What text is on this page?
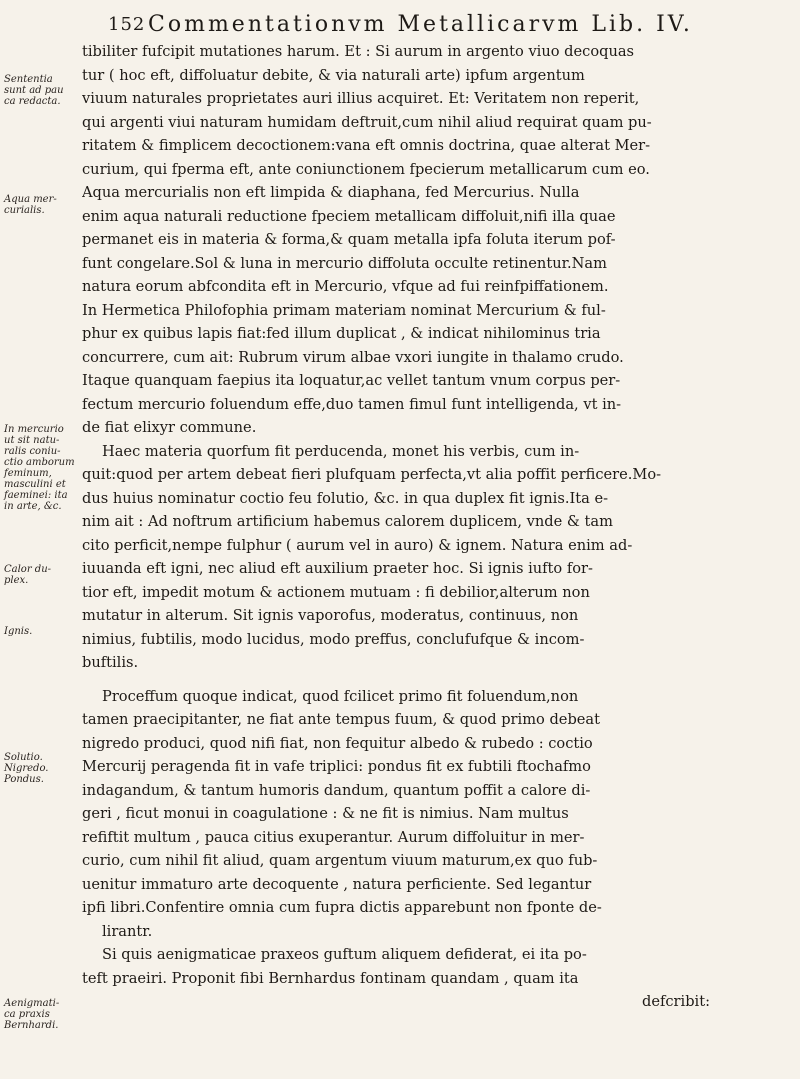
152 Commentationvm Metallicarvm Lib. IV.
Sententia
sunt ad pau
ca redacta.
Aqua mer-
curialis.
In mercurio
ut sit natu-
ralis coniu-
ctio amborum
feminum,
masculini et
faeminei: ita
in arte, &c.
Calor du-
plex.
Ignis.
Solutio.
Nigredo.
Pondus.
Aenigmati-
ca praxis
Bernhardi.
tibiliter fufcipit mutationes harum. Et : Si aurum in argento viuo decoquas
tur ( hoc eft, diffoluatur debite, & via naturali arte) ipfum argentum
viuum naturales proprietates auri illius acquiret. Et: Veritatem non reperit,
qui argenti viui naturam humidam deftruit,cum nihil aliud requirat quam pu-
ritatem & fimplicem decoctionem:vana eft omnis doctrina, quae alterat Mer-
curium, qui fperma eft, ante coniunctionem fpecierum metallicarum cum eo.
Aqua mercurialis non eft limpida & diaphana, fed Mercurius. Nulla
enim aqua naturali reductione fpeciem metallicam diffoluit,nifi illa quae
permanet eis in materia & forma,& quam metalla ipfa foluta iterum pof-
funt congelare.Sol & luna in mercurio diffoluta occulte retinentur.Nam
natura eorum abfcondita eft in Mercurio, vfque ad fui reinfpiffationem.
In Hermetica Philofophia primam materiam nominat Mercurium & ful-
phur ex quibus lapis fiat:fed illum duplicat , & indicat nihilominus tria
concurrere, cum ait: Rubrum virum albae vxori iungite in thalamo crudo.
Itaque quanquam faepius ita loquatur,ac vellet tantum vnum corpus per-
fectum mercurio foluendum effe,duo tamen fimul funt intelligenda, vt in-
de fiat elixyr commune.
Haec materia quorfum fit perducenda, monet his verbis, cum in-
quit:quod per artem debeat fieri plufquam perfecta,vt alia poffit perficere.Mo-
dus huius nominatur coctio feu folutio, &c. in qua duplex fit ignis.Ita e-
nim ait : Ad noftrum artificium habemus calorem duplicem, vnde & tam
cito perficit,nempe fulphur ( aurum vel in auro) & ignem. Natura enim ad-
iuuanda eft igni, nec aliud eft auxilium praeter hoc. Si ignis iufto for-
tior eft, impedit motum & actionem mutuam : fi debilior,alterum non
mutatur in alterum. Sit ignis vaporofus, moderatus, continuus, non
nimius, fubtilis, modo lucidus, modo preffus, conclufufque & incom-
buftilis.
Proceffum quoque indicat, quod fcilicet primo fit foluendum,non
tamen praecipitanter, ne fiat ante tempus fuum, & quod primo debeat
nigredo produci, quod nifi fiat, non fequitur albedo & rubedo : coctio
Mercurij peragenda fit in vafe triplici: pondus fit ex fubtili ftochafmo
indagandum, & tantum humoris dandum, quantum poffit a calore di-
geri , ficut monui in coagulatione : & ne fit is nimius. Nam multus
refiftit multum , pauca citius exuperantur. Aurum diffoluitur in mer-
curio, cum nihil fit aliud, quam argentum viuum maturum,ex quo fub-
uenitur immaturo arte decoquente , natura perficiente. Sed legantur
ipfi libri.Confentire omnia cum fupra dictis apparebunt non fponte de-
lirantr.
Si quis aenigmaticae praxeos guftum aliquem defiderat, ei ita po-
teft praeiri. Proponit fibi Bernhardus fontinam quandam , quam ita
defcribit:
